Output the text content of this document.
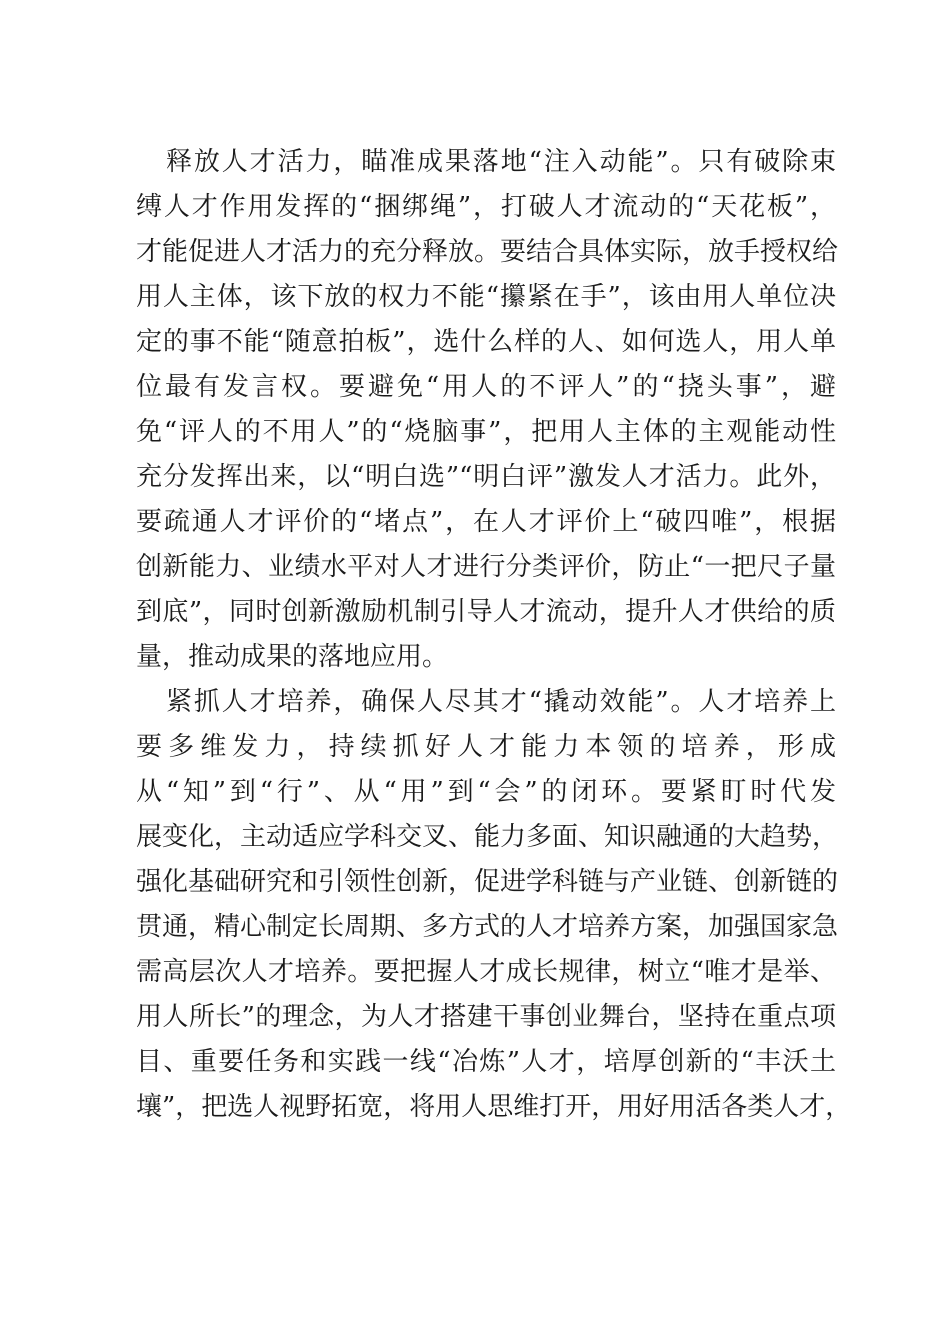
释放人才活力，瞄准成果落地“注入动能”。只有破除束
缚人才作用发挥的“捆绑绳”，打破人才流动的“天花板”，
才能促进人才活力的充分释放。要结合具体实际，放手授权给
用人主体，该下放的权力不能“攥紧在手”，该由用人单位决
定的事不能“随意拍板”，选什么样的人、如何选人，用人单
位最有发言权。要避免“用人的不评人”的“挠头事”，避
免“评人的不用人”的“烧脑事”，把用人主体的主观能动性
充分发挥出来，以“明白选”“明白评”激发人才活力。此外，
要疏通人才评价的“堵点”，在人才评价上“破四唯”，根据
创新能力、业绩水平对人才进行分类评价，防止“一把尺子量
到底”，同时创新激励机制引导人才流动，提升人才供给的质
量，推动成果的落地应用。
紧抓人才培养，确保人尽其才“撬动效能”。人才培养上
要多维发力，持续抓好人才能力本领的培养，形成
从“知”到“行”、从“用”到“会”的闭环。要紧盯时代发
展变化，主动适应学科交叉、能力多面、知识融通的大趋势，
强化基础研究和引领性创新，促进学科链与产业链、创新链的
贯通，精心制定长周期、多方式的人才培养方案，加强国家急
需高层次人才培养。要把握人才成长规律，树立“唯才是举、
用人所长”的理念，为人才搭建干事创业舞台，坚持在重点项
目、重要任务和实践一线“冶炼”人才，培厚创新的“丰沃土
壤”，把选人视野拓宽，将用人思维打开，用好用活各类人才，
